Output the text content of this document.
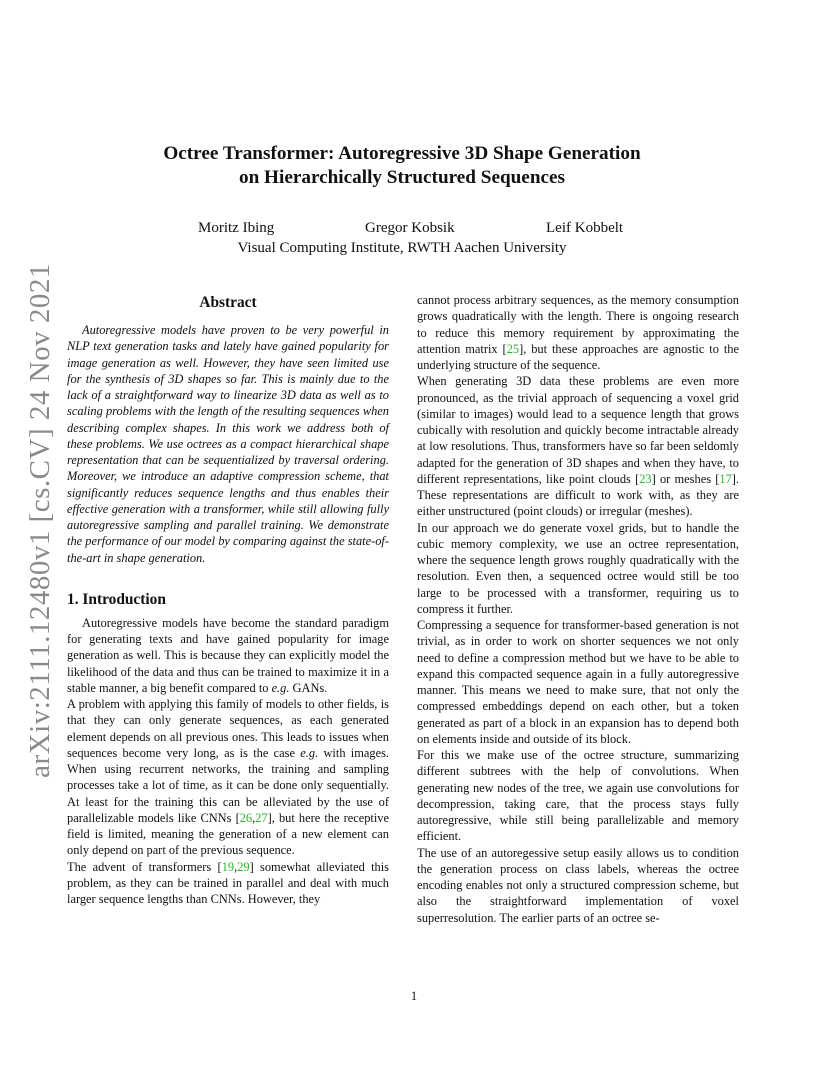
arXiv:2111.12480v1 [cs.CV] 24 Nov 2021
Octree Transformer: Autoregressive 3D Shape Generation
on Hierarchically Structured Sequences
Moritz Ibing	Gregor Kobsik	Leif Kobbelt
Visual Computing Institute, RWTH Aachen University
Abstract

Autoregressive models have proven to be very powerful in NLP text generation tasks and lately have gained popularity for image generation as well. However, they have seen limited use for the synthesis of 3D shapes so far. This is mainly due to the lack of a straightforward way to linearize 3D data as well as to scaling problems with the length of the resulting sequences when describing complex shapes. In this work we address both of these problems. We use octrees as a compact hierarchical shape representation that can be sequentialized by traversal ordering. Moreover, we introduce an adaptive compression scheme, that significantly reduces sequence lengths and thus enables their effective generation with a transformer, while still allowing fully autoregressive sampling and parallel training. We demonstrate the performance of our model by comparing against the state-of-the-art in shape generation.

1. Introduction

Autoregressive models have become the standard paradigm for generating texts and have gained popularity for image generation as well. This is because they can explicitly model the likelihood of the data and thus can be trained to maximize it in a stable manner, a big benefit compared to e.g. GANs.

A problem with applying this family of models to other fields, is that they can only generate sequences, as each generated element depends on all previous ones. This leads to issues when sequences become very long, as is the case e.g. with images. When using recurrent networks, the training and sampling processes take a lot of time, as it can be done only sequentially. At least for the training this can be alleviated by the use of parallelizable models like CNNs [26,27], but here the receptive field is limited, meaning the generation of a new element can only depend on part of the previous sequence.

The advent of transformers [19,29] somewhat alleviated this problem, as they can be trained in parallel and deal with much larger sequence lengths than CNNs. However, they

cannot process arbitrary sequences, as the memory consumption grows quadratically with the length. There is ongoing research to reduce this memory requirement by approximating the attention matrix [25], but these approaches are agnostic to the underlying structure of the sequence.

When generating 3D data these problems are even more pronounced, as the trivial approach of sequencing a voxel grid (similar to images) would lead to a sequence length that grows cubically with resolution and quickly become intractable already at low resolutions. Thus, transformers have so far been seldomly adapted for the generation of 3D shapes and when they have, to different representations, like point clouds [23] or meshes [17]. These representations are difficult to work with, as they are either unstructured (point clouds) or irregular (meshes).

In our approach we do generate voxel grids, but to handle the cubic memory complexity, we use an octree representation, where the sequence length grows roughly quadratically with the resolution. Even then, a sequenced octree would still be too large to be processed with a transformer, requiring us to compress it further.

Compressing a sequence for transformer-based generation is not trivial, as in order to work on shorter sequences we not only need to define a compression method but we have to be able to expand this compacted sequence again in a fully autoregressive manner. This means we need to make sure, that not only the compressed embeddings depend on each other, but a token generated as part of a block in an expansion has to depend both on elements inside and outside of its block.

For this we make use of the octree structure, summarizing different subtrees with the help of convolutions. When generating new nodes of the tree, we again use convolutions for decompression, taking care, that the process stays fully autoregressive, while still being parallelizable and memory efficient.

The use of an autoregessive setup easily allows us to condition the generation process on class labels, whereas the octree encoding enables not only a structured compression scheme, but also the straightforward implementation of voxel superresolution. The earlier parts of an octree se-

1
